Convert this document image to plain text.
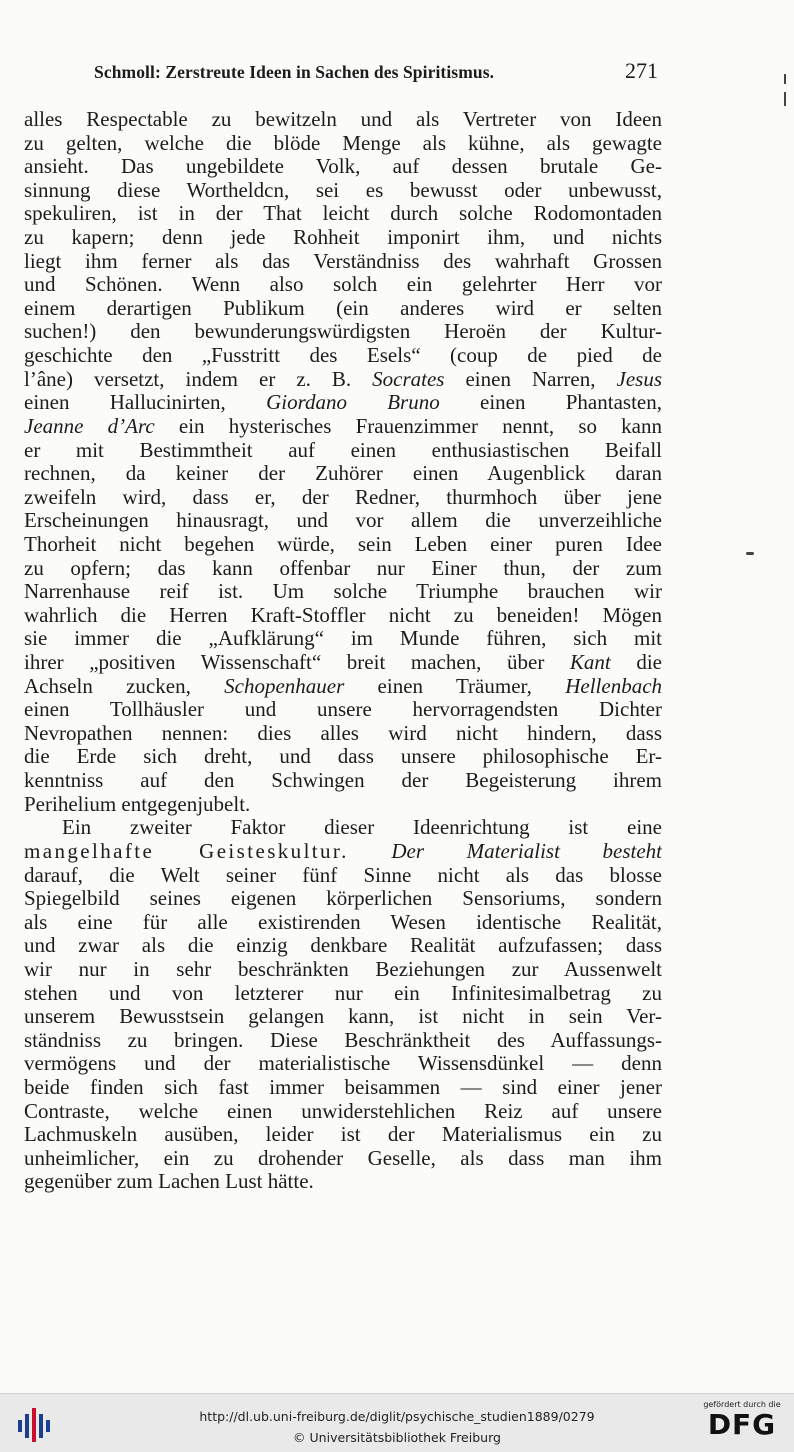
Schmoll: Zerstreute Ideen in Sachen des Spiritismus.	271
alles Respectable zu bewitzeln und als Vertreter von Ideen
zu gelten, welche die blöde Menge als kühne, als gewagte
ansieht. Das ungebildete Volk, auf dessen brutale Ge-
sinnung diese Wortheldcn, sei es bewusst oder unbewusst,
spekuliren, ist in der That leicht durch solche Rodomontaden
zu kapern; denn jede Rohheit imponirt ihm, und nichts
liegt ihm ferner als das Verständniss des wahrhaft Grossen
und Schönen. Wenn also solch ein gelehrter Herr vor
einem derartigen Publikum (ein anderes wird er selten
suchen!) den bewunderungswürdigsten Heroën der Kultur-
geschichte den „Fusstritt des Esels“ (coup de pied de
l’âne) versetzt, indem er z. B. Socrates einen Narren, Jesus
einen Hallucinirten, Giordano Bruno einen Phantasten,
Jeanne d’Arc ein hysterisches Frauenzimmer nennt, so kann
er mit Bestimmtheit auf einen enthusiastischen Beifall
rechnen, da keiner der Zuhörer einen Augenblick daran
zweifeln wird, dass er, der Redner, thurmhoch über jene
Erscheinungen hinausragt, und vor allem die unverzeihliche
Thorheit nicht begehen würde, sein Leben einer puren Idee
zu opfern; das kann offenbar nur Einer thun, der zum
Narrenhause reif ist. Um solche Triumphe brauchen wir
wahrlich die Herren Kraft-Stoffler nicht zu beneiden! Mögen
sie immer die „Aufklärung“ im Munde führen, sich mit
ihrer „positiven Wissenschaft“ breit machen, über Kant die
Achseln zucken, Schopenhauer einen Träumer, Hellenbach
einen Tollhäusler und unsere hervorragendsten Dichter
Nevropathen nennen: dies alles wird nicht hindern, dass
die Erde sich dreht, und dass unsere philosophische Er-
kenntniss auf den Schwingen der Begeisterung ihrem
Perihelium entgegenjubelt.
Ein zweiter Faktor dieser Ideenrichtung ist eine
mangelhafte Geisteskultur. Der Materialist besteht
darauf, die Welt seiner fünf Sinne nicht als das blosse
Spiegelbild seines eigenen körperlichen Sensoriums, sondern
als eine für alle existirenden Wesen identische Realität,
und zwar als die einzig denkbare Realität aufzufassen; dass
wir nur in sehr beschränkten Beziehungen zur Aussenwelt
stehen und von letzterer nur ein Infinitesimalbetrag zu
unserem Bewusstsein gelangen kann, ist nicht in sein Ver-
ständniss zu bringen. Diese Beschränktheit des Auffassungs-
vermögens und der materialistische Wissensdünkel — denn
beide finden sich fast immer beisammen — sind einer jener
Contraste, welche einen unwiderstehlichen Reiz auf unsere
Lachmuskeln ausüben, leider ist der Materialismus ein zu
unheimlicher, ein zu drohender Geselle, als dass man ihm
gegenüber zum Lachen Lust hätte.
http://dl.ub.uni-freiburg.de/diglit/psychische_studien1889/0279
© Universitätsbibliothek Freiburg
gefördert durch die
DFG
